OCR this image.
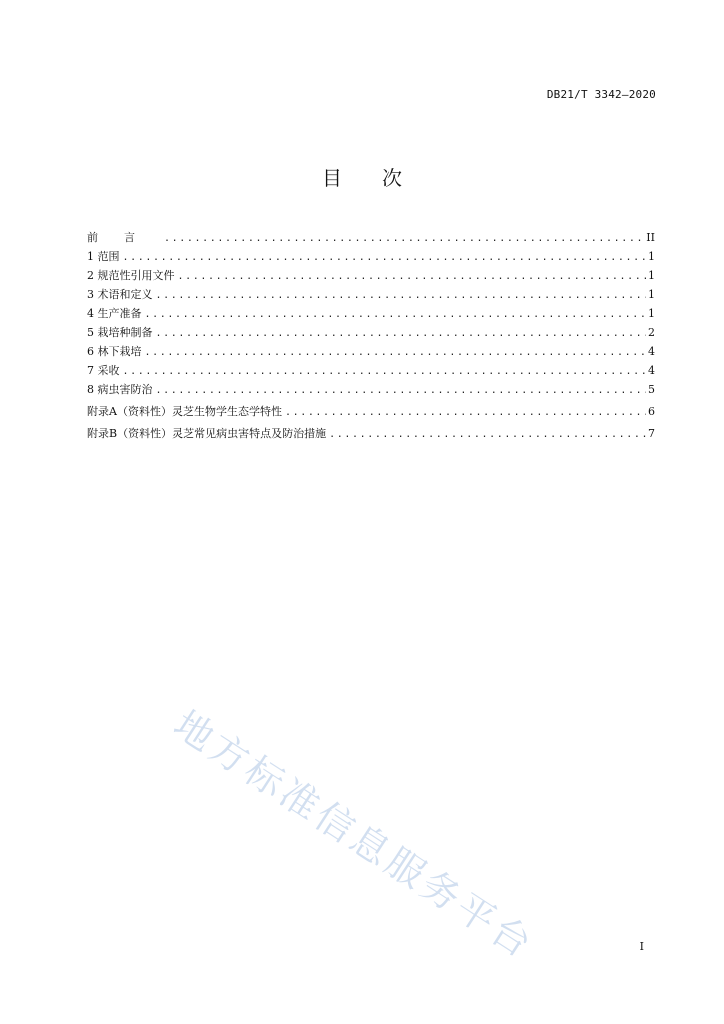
DB21/T 3342—2020
目 次
前言 .....	II
1 范围 .....	1
2 规范性引用文件 .....	1
3 术语和定义 .....	1
4 生产准备 .....	1
5 栽培种制备 .....	2
6 林下栽培 .....	4
7 采收 .....	4
8 病虫害防治 .....	5
附录A（资料性）灵芝生物学生态学特性 .....	6
附录B（资料性）灵芝常见病虫害特点及防治措施 .....	7
地方标准信息服务平台	I
